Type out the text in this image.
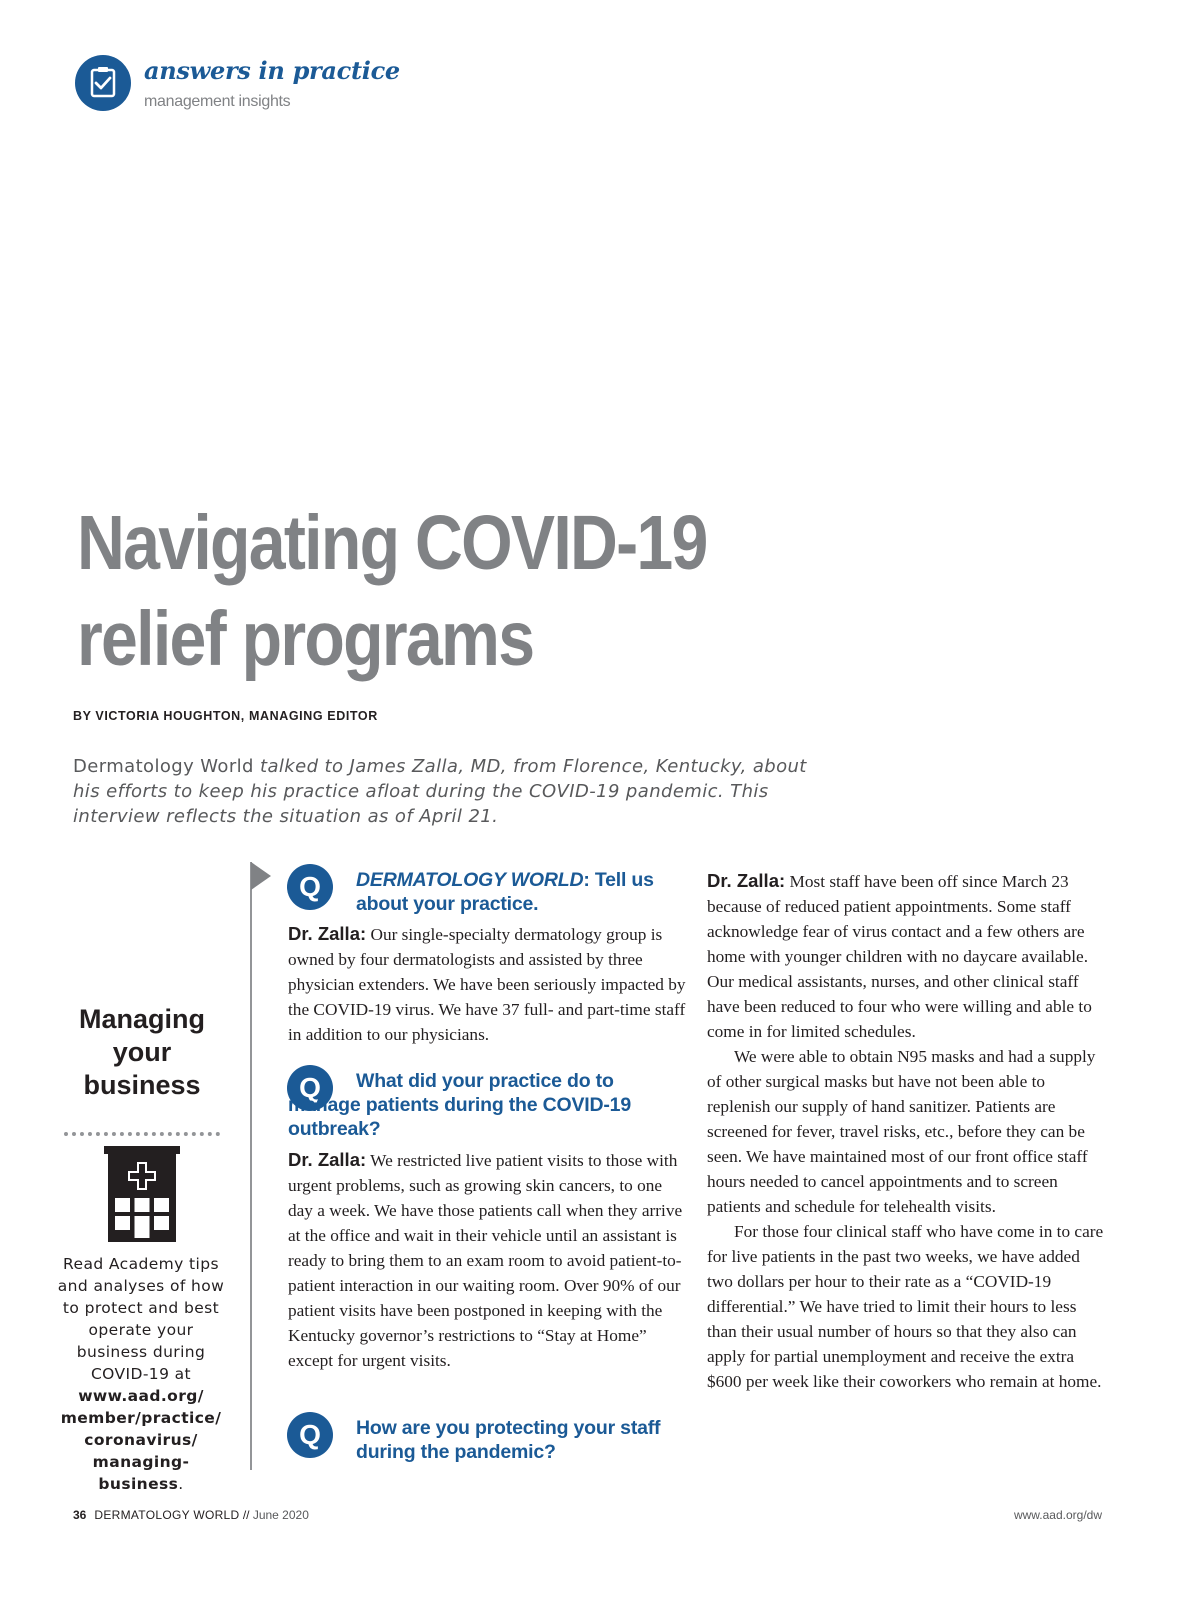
answers in practice
management insights
Navigating COVID-19
relief programs
BY VICTORIA HOUGHTON, MANAGING EDITOR
Dermatology World talked to James Zalla, MD, from Florence, Kentucky, about his efforts to keep his practice afloat during the COVID-19 pandemic. This interview reflects the situation as of April 21.
Managing your business
Read Academy tips and analyses of how to protect and best operate your business during COVID-19 at www.aad.org/
member/practice/
coronavirus/
managing-business.
Q	DERMATOLOGY WORLD: Tell us about your practice.

Dr. Zalla: Our single-specialty dermatology group is owned by four dermatologists and assisted by three physician extenders. We have been seriously impacted by the COVID-19 virus. We have 37 full- and part-time staff in addition to our physicians.

Q	What did your practice do to manage patients during the COVID-19 outbreak?

Dr. Zalla: We restricted live patient visits to those with urgent problems, such as growing skin cancers, to one day a week. We have those patients call when they arrive at the office and wait in their vehicle until an assistant is ready to bring them to an exam room to avoid patient-to-patient interaction in our waiting room. Over 90% of our patient visits have been postponed in keeping with the Kentucky governor’s restrictions to “Stay at Home” except for urgent visits.

Q	How are you protecting your staff during the pandemic?

Dr. Zalla: Most staff have been off since March 23 because of reduced patient appointments. Some staff acknowledge fear of virus contact and a few others are home with younger children with no daycare available. Our medical assistants, nurses, and other clinical staff have been reduced to four who were willing and able to come in for limited schedules.

We were able to obtain N95 masks and had a supply of other surgical masks but have not been able to replenish our supply of hand sanitizer. Patients are screened for fever, travel risks, etc., before they can be seen. We have maintained most of our front office staff hours needed to cancel appointments and to screen patients and schedule for telehealth visits.

For those four clinical staff who have come in to care for live patients in the past two weeks, we have added two dollars per hour to their rate as a “COVID-19 differential.” We have tried to limit their hours to less than their usual number of hours so that they also can apply for partial unemployment and receive the extra $600 per week like their coworkers who remain at home.

36 DERMATOLOGY WORLD // June 2020	www.aad.org/dw
